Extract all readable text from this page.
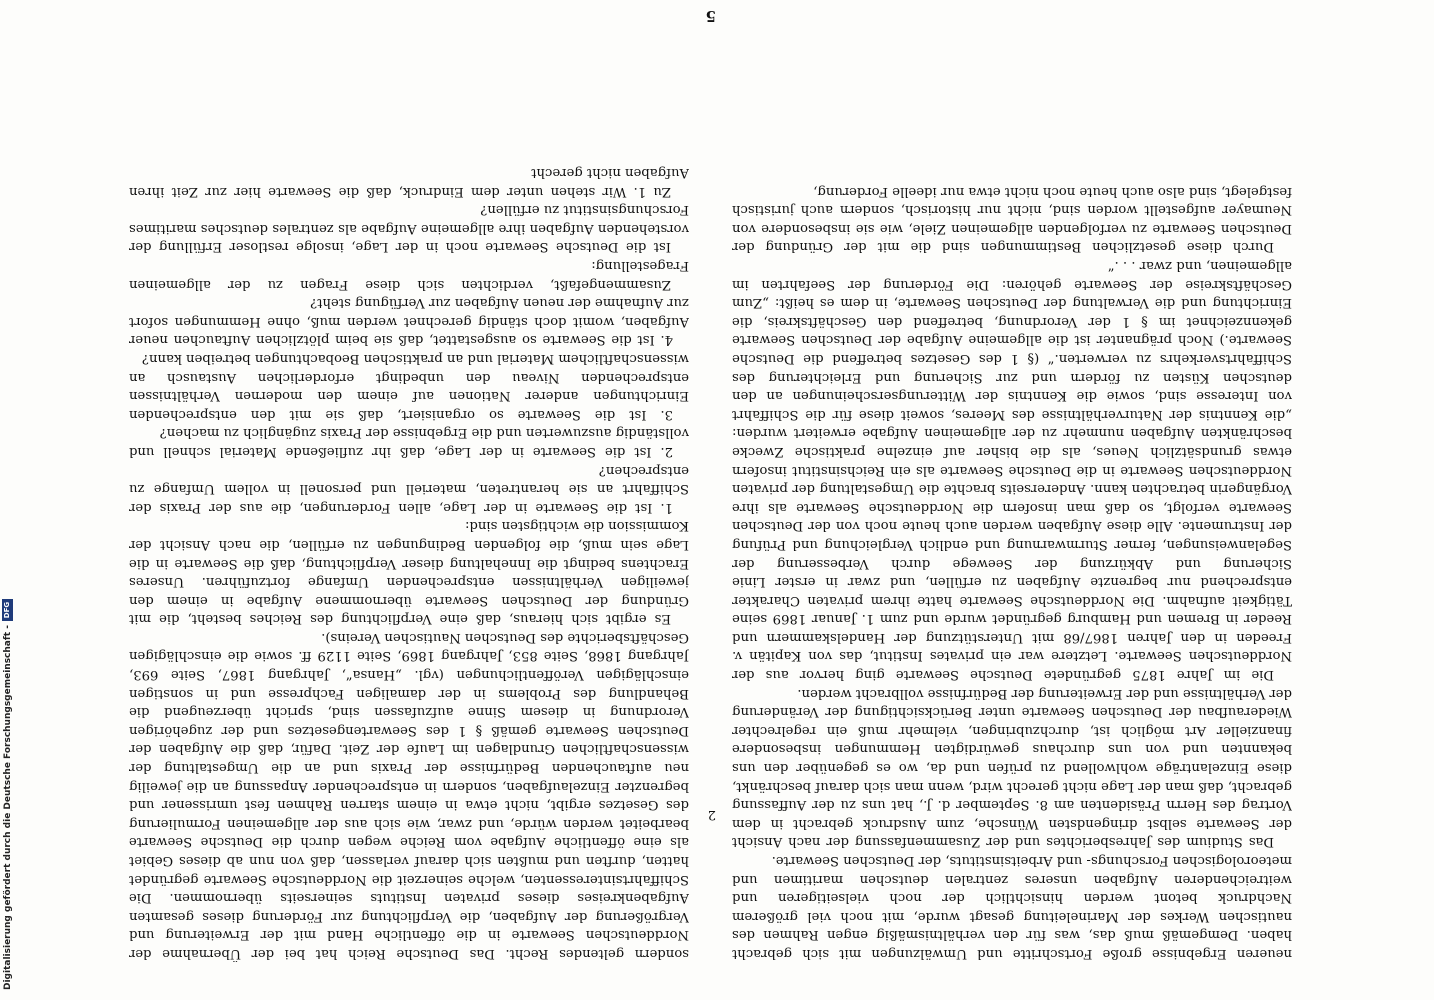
neueren Ergebnisse große Fortschritte und Umwälzungen mit sich gebracht haben. Demgemäß muß das, was für den verhältnismäßig engen Rahmen des nautischen Werkes der Marineleitung gesagt wurde, mit noch viel größerem Nachdruck betont werden hinsichtlich der noch vielseitigeren und weitreichenderen Aufgaben unseres zentralen deutschen maritimen und meteorologischen Forschungs- und Arbeitsinstituts, der Deutschen Seewarte.

Das Studium des Jahresberichtes und der Zusammenfassung der nach Ansicht der Seewarte selbst dringendsten Wünsche, zum Ausdruck gebracht in dem Vortrag des Herrn Präsidenten am 8. September d. J., hat uns zu der Auffassung gebracht, daß man der Lage nicht gerecht wird, wenn man sich darauf beschränkt, diese Einzelanträge wohlwollend zu prüfen und da, wo es gegenüber den uns bekannten und von uns durchaus gewürdigten Hemmungen insbesondere finanzieller Art möglich ist, durchzubringen, vielmehr muß ein regelrechter Wiederaufbau der Deutschen Seewarte unter Berücksichtigung der Veränderung der Verhältnisse und der Erweiterung der Bedürfnisse vollbracht werden.

Die im Jahre 1875 gegründete Deutsche Seewarte ging hervor aus der Norddeutschen Seewarte. Letztere war ein privates Institut, das von Kapitän v. Freeden in den Jahren 1867/68 mit Unterstützung der Handelskammern und Reeder in Bremen und Hamburg gegründet wurde und zum 1. Januar 1869 seine Tätigkeit aufnahm. Die Norddeutsche Seewarte hatte ihrem privaten Charakter entsprechend nur begrenzte Aufgaben zu erfüllen, und zwar in erster Linie Sicherung und Abkürzung der Seewege durch Verbesserung der Segelanweisungen, ferner Sturmwarnung und endlich Vergleichung und Prüfung der Instrumente. Alle diese Aufgaben werden auch heute noch von der Deutschen Seewarte verfolgt, so daß man insofern die Norddeutsche Seewarte als ihre Vorgängerin betrachten kann. Andererseits brachte die Umgestaltung der privaten Norddeutschen Seewarte in die Deutsche Seewarte als ein Reichsinstitut insofern etwas grundsätzlich Neues, als die bisher auf einzelne praktische Zwecke beschränkten Aufgaben nunmehr zu der allgemeinen Aufgabe erweitert wurden: „die Kenntnis der Naturverhältnisse des Meeres, soweit diese für die Schiffahrt von Interesse sind, sowie die Kenntnis der Witterungserscheinungen an den deutschen Küsten zu fördern und zur Sicherung und Erleichterung des Schiffahrtsverkehrs zu verwerten.“ (§ 1 des Gesetzes betreffend die Deutsche Seewarte.) Noch prägnanter ist die allgemeine Aufgabe der Deutschen Seewarte gekennzeichnet im § 1 der Verordnung, betreffend den Geschäftskreis, die Einrichtung und die Verwaltung der Deutschen Seewarte, in dem es heißt: „Zum Geschäftskreise der Seewarte gehören: Die Förderung der Seefahrten im allgemeinen, und zwar . . .“

Durch diese gesetzlichen Bestimmungen sind die mit der Gründung der Deutschen Seewarte zu verfolgenden allgemeinen Ziele, wie sie insbesondere von Neumayer aufgestellt worden sind, nicht nur historisch, sondern auch juristisch festgelegt, sind also auch heute noch nicht etwa nur ideelle Forderung,

sondern geltendes Recht. Das Deutsche Reich hat bei der Übernahme der Norddeutschen Seewarte in die öffentliche Hand mit der Erweiterung und Vergrößerung der Aufgaben, die Verpflichtung zur Förderung dieses gesamten Aufgabenkreises dieses privaten Instituts seinerseits übernommen. Die Schiffahrtsinteressenten, welche seinerzeit die Norddeutsche Seewarte gegründet hatten, durften und mußten sich darauf verlassen, daß von nun ab dieses Gebiet als eine öffentliche Aufgabe vom Reiche wegen durch die Deutsche Seewarte bearbeitet werden würde, und zwar, wie sich aus der allgemeinen Formulierung des Gesetzes ergibt, nicht etwa in einem starren Rahmen fest umrissener und begrenzter Einzelaufgaben, sondern in entsprechender Anpassung an die jeweilig neu auftauchenden Bedürfnisse der Praxis und an die Umgestaltung der wissenschaftlichen Grundlagen im Laufe der Zeit. Dafür, daß die Aufgaben der Deutschen Seewarte gemäß § 1 des Seewartengesetzes und der zugehörigen Verordnung in diesem Sinne aufzufassen sind, spricht überzeugend die Behandlung des Problems in der damaligen Fachpresse und in sonstigen einschlägigen Veröffentlichungen (vgl. „Hansa“, Jahrgang 1867, Seite 693, Jahrgang 1868, Seite 853, Jahrgang 1869, Seite 1129 ff. sowie die einschlägigen Geschäftsberichte des Deutschen Nautischen Vereins).

Es ergibt sich hieraus, daß eine Verpflichtung des Reiches besteht, die mit Gründung der Deutschen Seewarte übernommene Aufgabe in einem den jeweiligen Verhältnissen entsprechenden Umfange fortzuführen. Unseres Erachtens bedingt die Innehaltung dieser Verpflichtung, daß die Seewarte in die Lage sein muß, die folgenden Bedingungen zu erfüllen, die nach Ansicht der Kommission die wichtigsten sind:

1. Ist die Seewarte in der Lage, allen Forderungen, die aus der Praxis der Schiffahrt an sie herantreten, materiell und personell in vollem Umfange zu entsprechen?

2. Ist die Seewarte in der Lage, daß ihr zufließende Material schnell und vollständig auszuwerten und die Ergebnisse der Praxis zugänglich zu machen?

3. Ist die Seewarte so organisiert, daß sie mit den entsprechenden Einrichtungen anderer Nationen auf einem den modernen Verhältnissen entsprechenden Niveau den unbedingt erforderlichen Austausch an wissenschaftlichem Material und an praktischen Beobachtungen betreiben kann?

4. Ist die Seewarte so ausgestattet, daß sie beim plötzlichen Auftauchen neuer Aufgaben, womit doch ständig gerechnet werden muß, ohne Hemmungen sofort zur Aufnahme der neuen Aufgaben zur Verfügung steht?

Zusammengefaßt, verdichten sich diese Fragen zu der allgemeinen Fragestellung:

Ist die Deutsche Seewarte noch in der Lage, insolge restloser Erfüllung der vorstehenden Aufgaben ihre allgemeine Aufgabe als zentrales deutsches maritimes Forschungsinstitut zu erfüllen?

Zu 1. Wir stehen unter dem Eindruck, daß die Seewarte hier zur Zeit ihren Aufgaben nicht gerecht

5
2
Digitalisierung gefördert durch die Deutsche Forschungsgemeinschaft -
DFG
